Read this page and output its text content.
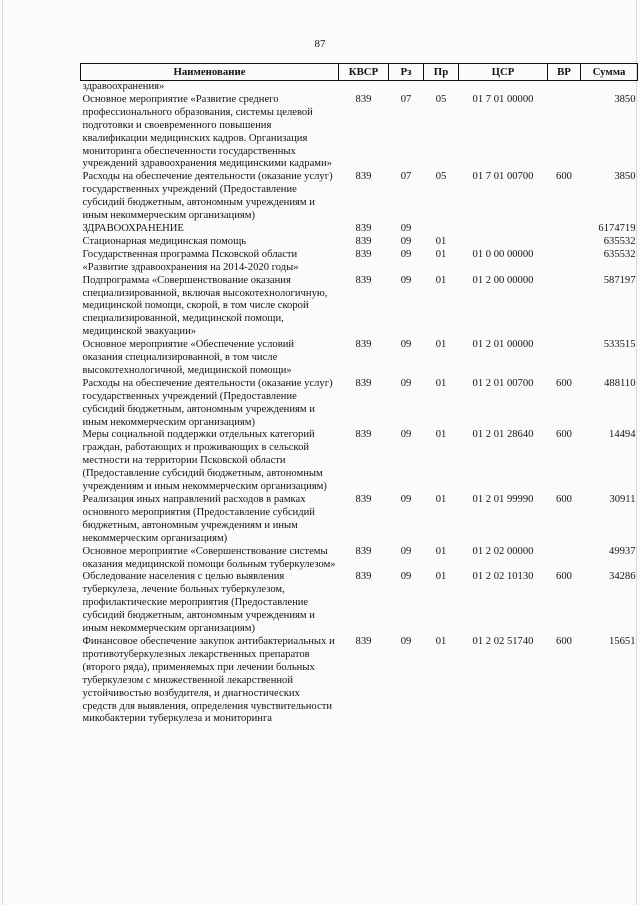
87
Наименование	КВСР	Рз	Пр	ЦСР	ВР	Сумма
здравоохранения»						
Основное мероприятие «Развитие среднего профессионального образования, системы целевой подготовки и своевременного повышения квалификации медицинских кадров. Организация мониторинга обеспеченности государственных учреждений здравоохранения медицинскими кадрами»	839	07	05	01 7 01 00000		3850
Расходы на обеспечение деятельности (оказание услуг) государственных учреждений (Предоставление субсидий бюджетным, автономным учреждениям и иным некоммерческим организациям)	839	07	05	01 7 01 00700	600	3850
ЗДРАВООХРАНЕНИЕ	839	09				6174719
Стационарная медицинская помощь	839	09	01			635532
Государственная программа Псковской области «Развитие здравоохранения на 2014-2020 годы»	839	09	01	01 0 00 00000		635532
Подпрограмма «Совершенствование оказания специализированной, включая высокотехнологичную, медицинской помощи, скорой, в том числе скорой специализированной, медицинской помощи, медицинской эвакуации»	839	09	01	01 2 00 00000		587197
Основное мероприятие «Обеспечение условий оказания специализированной, в том числе высокотехнологичной, медицинской помощи»	839	09	01	01 2 01 00000		533515
Расходы на обеспечение деятельности (оказание услуг) государственных учреждений (Предоставление субсидий бюджетным, автономным учреждениям и иным некоммерческим организациям)	839	09	01	01 2 01 00700	600	488110
Меры социальной поддержки отдельных категорий граждан, работающих и проживающих в сельской местности на территории Псковской области (Предоставление субсидий бюджетным, автономным учреждениям и иным некоммерческим организациям)	839	09	01	01 2 01 28640	600	14494
Реализация иных направлений расходов в рамках основного мероприятия (Предоставление субсидий бюджетным, автономным учреждениям и иным некоммерческим организациям)	839	09	01	01 2 01 99990	600	30911
Основное мероприятие «Совершенствование системы оказания медицинской помощи больным туберкулезом»	839	09	01	01 2 02 00000		49937
Обследование населения с целью выявления туберкулеза, лечение больных туберкулезом, профилактические мероприятия (Предоставление субсидий бюджетным, автономным учреждениям и иным некоммерческим организациям)	839	09	01	01 2 02 10130	600	34286
Финансовое обеспечение закупок антибактериальных и противотуберкулезных лекарственных препаратов (второго ряда), применяемых при лечении больных туберкулезом с множественной лекарственной устойчивостью возбудителя, и диагностических средств для выявления, определения чувствительности микобактерии туберкулеза и мониторинга	839	09	01	01 2 02 51740	600	15651
